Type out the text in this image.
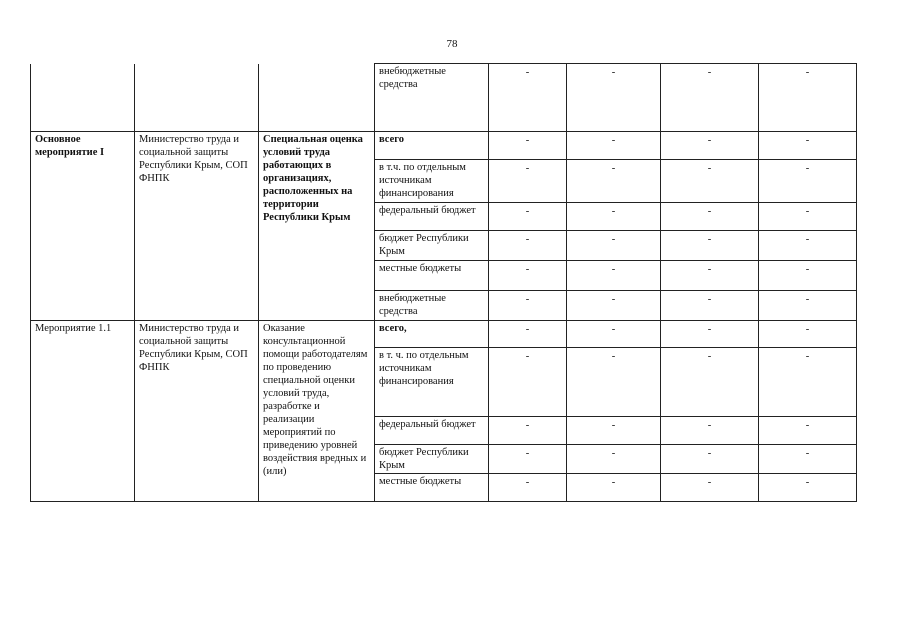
78
			внебюджетные средства	-	-	-	-
Основное мероприятие I	Министерство труда и социальной защиты Республики Крым, СОП ФНПК	Специальная оценка условий труда работающих в организациях, расположенных на территории Республики Крым	всего	-	-	-	-
			в т.ч. по отдельным источникам финансирования	-	-	-	-
			федеральный бюджет	-	-	-	-
			бюджет Республики Крым	-	-	-	-
			местные бюджеты	-	-	-	-
			внебюджетные средства	-	-	-	-
Мероприятие 1.1	Министерство труда и социальной защиты Республики Крым, СОП ФНПК	Оказание консультационной помощи работодателям по проведению специальной оценки условий труда, разработке и реализации мероприятий по приведению уровней воздействия вредных и (или)	всего,	-	-	-	-
			в т. ч. по отдельным источникам финансирования	-	-	-	-
			федеральный бюджет	-	-	-	-
			бюджет Республики Крым	-	-	-	-
			местные бюджеты	-	-	-	-
